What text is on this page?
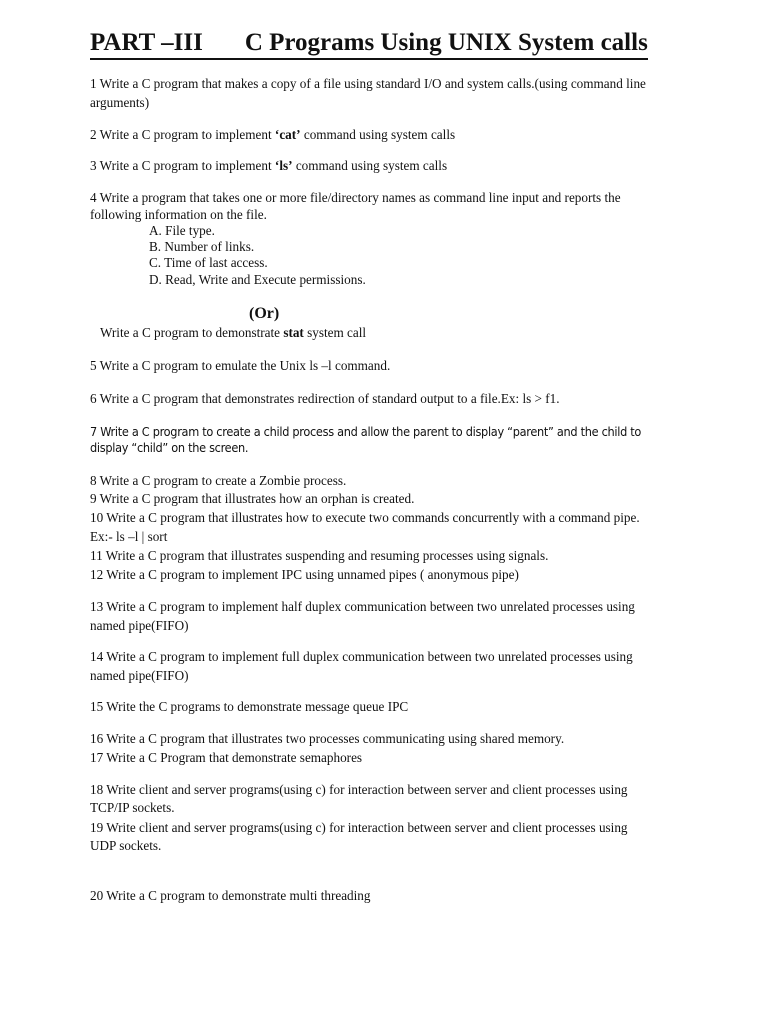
PART –III C Programs Using UNIX System calls
1 Write a C program that makes a copy of a file using standard I/O and system calls.(using command line
arguments)
2 Write a C program to implement ‘cat’ command using system calls
3 Write a C program to implement ‘ls’ command using system calls
4 Write a program that takes one or more file/directory names as command line input and reports the
following information on the file.
A. File type.
B. Number of links.
C. Time of last access.
D. Read, Write and Execute permissions.
(Or)
Write a C program to demonstrate stat system call
5 Write a C program to emulate the Unix ls –l command.
6 Write a C program that demonstrates redirection of standard output to a file.Ex: ls > f1.
7 Write a C program to create a child process and allow the parent to display “parent” and the child to
display “child” on the screen.
8 Write a C program to create a Zombie process.
9 Write a C program that illustrates how an orphan is created.
10 Write a C program that illustrates how to execute two commands concurrently with a command pipe.
Ex:- ls –l | sort
11 Write a C program that illustrates suspending and resuming processes using signals.
12 Write a C program to implement IPC using unnamed pipes ( anonymous pipe)
13 Write a C program to implement half duplex communication between two unrelated processes using
named pipe(FIFO)
14 Write a C program to implement full duplex communication between two unrelated processes using
named pipe(FIFO)
15 Write the C programs to demonstrate message queue IPC
16 Write a C program that illustrates two processes communicating using shared memory.
17 Write a C Program that demonstrate semaphores
18 Write client and server programs(using c) for interaction between server and client processes using
TCP/IP sockets.
19 Write client and server programs(using c) for interaction between server and client processes using
UDP sockets.
20 Write a C program to demonstrate multi threading
